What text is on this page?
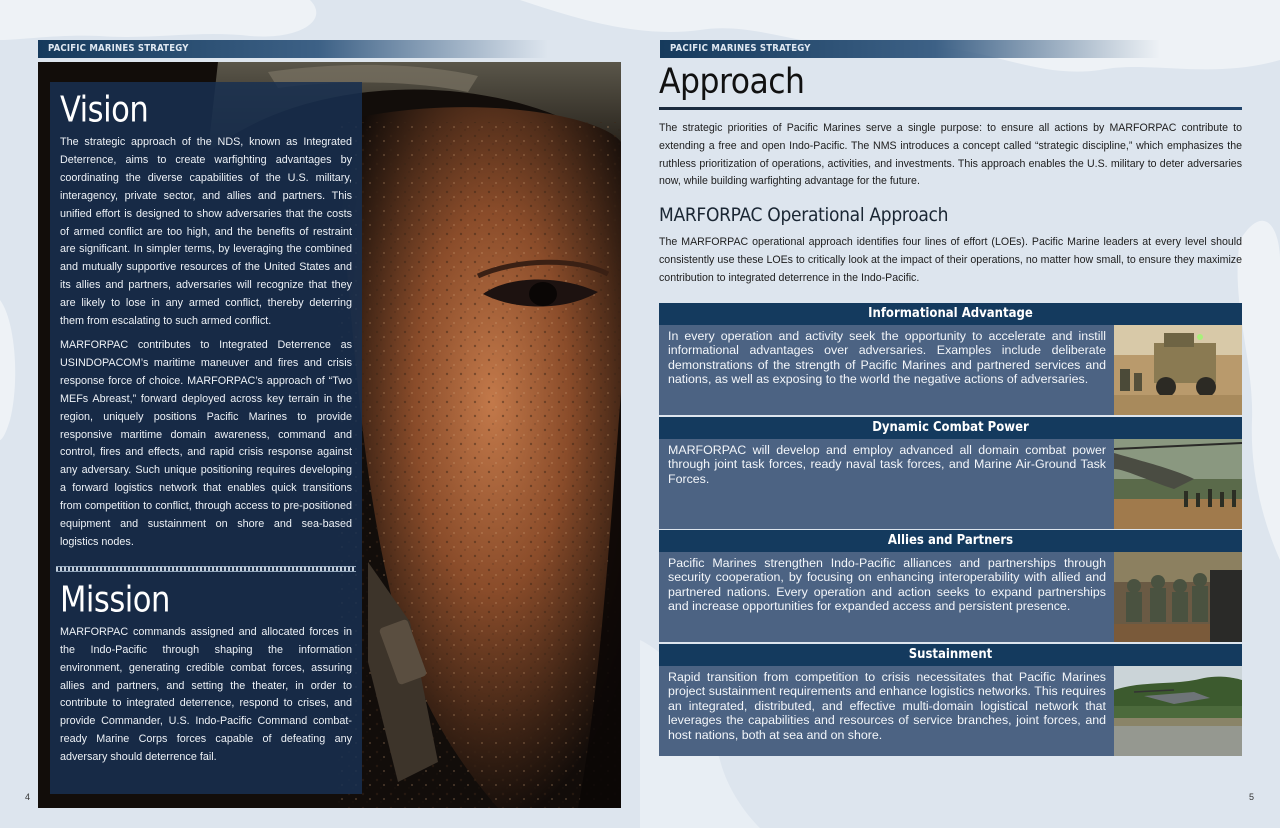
PACIFIC MARINES STRATEGY	PACIFIC MARINES STRATEGY
Vision

The strategic approach of the NDS, known as Integrated Deterrence, aims to create warfighting advantages by coordinating the diverse capabilities of the U.S. military, interagency, private sector, and allies and partners. This unified effort is designed to show adversaries that the costs of armed conflict are too high, and the benefits of restraint are significant. In simpler terms, by leveraging the combined and mutually supportive resources of the United States and its allies and partners, adversaries will recognize that they are likely to lose in any armed conflict, thereby deterring them from escalating to such armed conflict.

MARFORPAC contributes to Integrated Deterrence as USINDOPACOM’s maritime maneuver and fires and crisis response force of choice. MARFORPAC’s approach of “Two MEFs Abreast,” forward deployed across key terrain in the region, uniquely positions Pacific Marines to provide responsive maritime domain awareness, command and control, fires and effects, and rapid crisis response against any adversary. Such unique positioning requires developing a forward logistics network that enables quick transitions from competition to conflict, through access to pre-positioned equipment and sustainment on shore and sea-based logistics nodes.

Mission

MARFORPAC commands assigned and allocated forces in the Indo-Pacific through shaping the information environment, generating credible combat forces, assuring allies and partners, and setting the theater, in order to contribute to integrated deterrence, respond to crises, and provide Commander, U.S. Indo-Pacific Command combat-ready Marine Corps forces capable of defeating any adversary should deterrence fail.

4
Approach

The strategic priorities of Pacific Marines serve a single purpose: to ensure all actions by MARFORPAC contribute to extending a free and open Indo-Pacific. The NMS introduces a concept called “strategic discipline,” which emphasizes the ruthless prioritization of operations, activities, and investments. This approach enables the U.S. military to deter adversaries now, while building warfighting advantage for the future.

MARFORPAC Operational Approach

The MARFORPAC operational approach identifies four lines of effort (LOEs). Pacific Marine leaders at every level should consistently use these LOEs to critically look at the impact of their operations, no matter how small, to ensure they maximize contribution to integrated deterrence in the Indo-Pacific.

Informational Advantage
In every operation and activity seek the opportunity to accelerate and instill informational advantages over adversaries. Examples include deliberate demonstrations of the strength of Pacific Marines and partnered services and nations, as well as exposing to the world the negative actions of adversaries.
Dynamic Combat Power
MARFORPAC will develop and employ advanced all domain combat power through joint task forces, ready naval task forces, and Marine Air-Ground Task Forces.
Allies and Partners
Pacific Marines strengthen Indo-Pacific alliances and partnerships through security cooperation, by focusing on enhancing interoperability with allied and partnered nations. Every operation and action seeks to expand partnerships and increase opportunities for expanded access and persistent presence.
Sustainment
Rapid transition from competition to crisis necessitates that Pacific Marines project sustainment requirements and enhance logistics networks. This requires an integrated, distributed, and effective multi-domain logistical network that leverages the capabilities and resources of service branches, joint forces, and host nations, both at sea and on shore.
5
